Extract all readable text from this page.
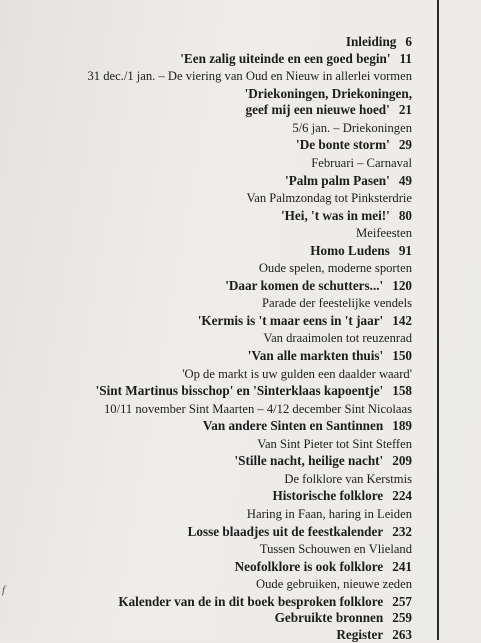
f
Inleiding 6
'Een zalig uiteinde en een goed begin' 11
31 dec./1 jan. – De viering van Oud en Nieuw in allerlei vormen
'Driekoningen, Driekoningen,
geef mij een nieuwe hoed' 21
5/6 jan. – Driekoningen
'De bonte storm' 29
Februari – Carnaval
'Palm palm Pasen' 49
Van Palmzondag tot Pinksterdrie
'Hei, 't was in mei!' 80
Meifeesten
Homo Ludens 91
Oude spelen, moderne sporten
'Daar komen de schutters...' 120
Parade der feestelijke vendels
'Kermis is 't maar eens in 't jaar' 142
Van draaimolen tot reuzenrad
'Van alle markten thuis' 150
'Op de markt is uw gulden een daalder waard'
'Sint Martinus bisschop' en 'Sinterklaas kapoentje' 158
10/11 november Sint Maarten – 4/12 december Sint Nicolaas
Van andere Sinten en Santinnen 189
Van Sint Pieter tot Sint Steffen
'Stille nacht, heilige nacht' 209
De folklore van Kerstmis
Historische folklore 224
Haring in Faan, haring in Leiden
Losse blaadjes uit de feestkalender 232
Tussen Schouwen en Vlieland
Neofolklore is ook folklore 241
Oude gebruiken, nieuwe zeden
Kalender van de in dit boek besproken folklore 257
Gebruikte bronnen 259
Register 263
